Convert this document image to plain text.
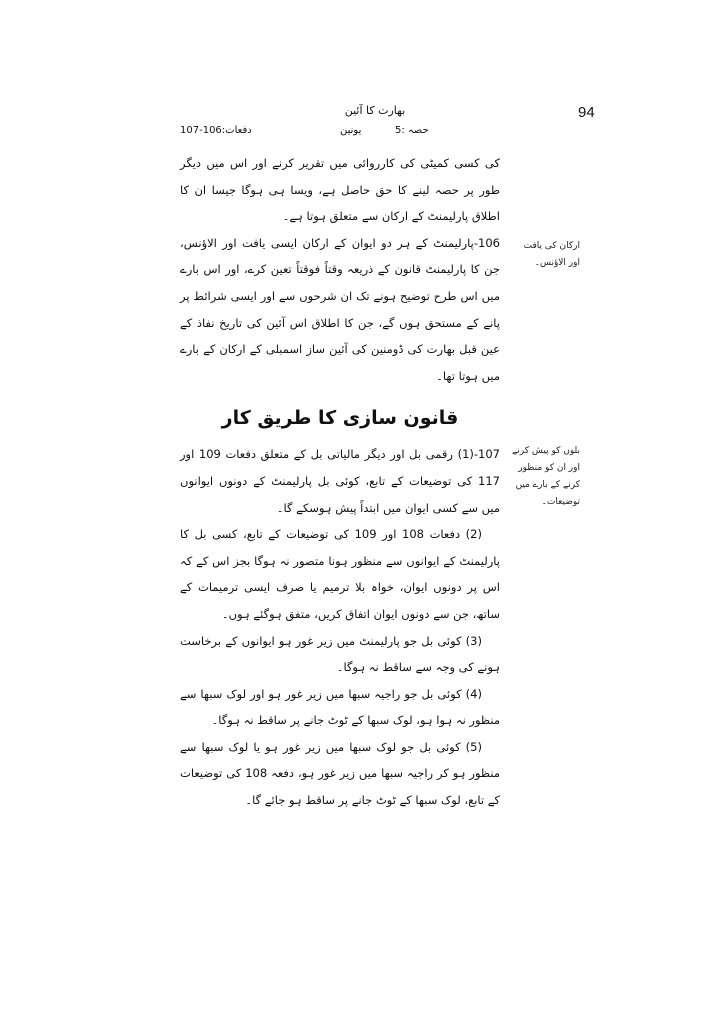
94
بھارت کا آئین
حصہ :5
یونین
دفعات:106-107

کی کسی کمیٹی کی کارروائی میں تقریر کرنے اور اس میں دیگر طور پر حصہ لینے کا حق حاصل ہے، ویسا ہی ہوگا جیسا ان کا اطلاق پارلیمنٹ کے ارکان سے متعلق ہوتا ہے۔

106-پارلیمنٹ کے ہر دو ایوان کے ارکان ایسی یافت اور الاؤنس، جن کا پارلیمنٹ قانون کے ذریعہ وقتاً فوقتاً تعین کرے، اور اس بارے میں اس طرح توضیح ہونے تک ان شرحوں سے اور ایسی شرائط پر پانے کے مستحق ہوں گے، جن کا اطلاق اس آئین کی تاریخ نفاذ کے عین قبل بھارت کی ڈومنین کی آئین ساز اسمبلی کے ارکان کے بارے میں ہوتا تھا۔

قانون سازی کا طریق کار

107-(1) رقمی بل اور دیگر مالیاتی بل کے متعلق دفعات 109 اور 117 کی توضیعات کے تابع، کوئی بل پارلیمنٹ کے دونوں ایوانوں میں سے کسی ایوان میں ابتداً پیش ہوسکے گا۔

(2) دفعات 108 اور 109 کی توضیعات کے تابع، کسی بل کا پارلیمنٹ کے ایوانوں سے منظور ہونا متصور نہ ہوگا بجز اس کے کہ اس پر دونوں ایوان، خواہ بلا ترمیم یا صرف ایسی ترمیمات کے ساتھ، جن سے دونوں ایوان اتفاق کریں، متفق ہوگئے ہوں۔

(3) کوئی بل جو پارلیمنٹ میں زیر غور ہو ایوانوں کے برخاست ہونے کی وجہ سے ساقط نہ ہوگا۔

(4) کوئی بل جو راجیہ سبھا میں زیر غور ہو اور لوک سبھا سے منظور نہ ہوا ہو، لوک سبھا کے ٹوٹ جانے پر ساقط نہ ہوگا۔

(5) کوئی بل جو لوک سبھا میں زیر غور ہو یا لوک سبھا سے منظور ہو کر راجیہ سبھا میں زیر غور ہو، دفعہ 108 کی توضیعات کے تابع، لوک سبھا کے ٹوٹ جانے پر ساقط ہو جائے گا۔

ارکان کی یافت اور الاؤنس۔
بلوں کو پیش کرنے اور ان کو منظور کرنے کے بارے میں توضیعات۔
